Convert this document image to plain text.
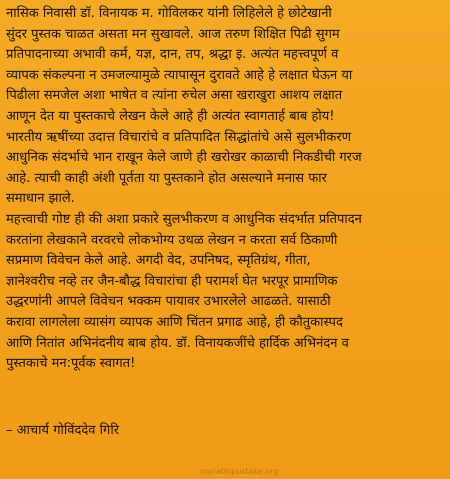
नासिक निवासी डॉ. विनायक म. गोविलकर यांनी लिहिलेले हे छोटेखानी
सुंदर पुस्तक चाळत असता मन सुखावले. आज तरुण शिक्षित पिढी सुगम
प्रतिपादनाच्या अभावी कर्म, यज्ञ, दान, तप, श्रद्धा इ. अत्यंत महत्त्वपूर्ण व
व्यापक संकल्पना न उमजल्यामुळे त्यापासून दुरावते आहे हे लक्षात घेऊन या
पिढीला समजेल अशा भाषेत व त्यांना रुचेल असा खराखुरा आशय लक्षात
आणून देत या पुस्तकाचे लेखन केले आहे ही अत्यंत स्वागतार्ह बाब होय!
भारतीय ऋषींच्या उदात्त विचारांचे व प्रतिपादित सिद्धांतांचे असे सुलभीकरण
आधुनिक संदर्भाचे भान राखून केले जाणे ही खरोखर काळाची निकडीची गरज
आहे. त्याची काही अंशी पूर्तता या पुस्तकाने होत असल्याने मनास फार
समाधान झाले.
महत्त्वाची गोष्ट ही की अशा प्रकारे सुलभीकरण व आधुनिक संदर्भात प्रतिपादन
करतांना लेखकाने वरवरचे लोकभोग्य उथळ लेखन न करता सर्व ठिकाणी
सप्रमाण विवेचन केले आहे. अगदी वेद, उपनिषद, स्मृतिग्रंथ, गीता,
ज्ञानेश्वरीच नव्हे तर जैन-बौद्ध विचारांचा ही परामर्श घेत भरपूर प्रामाणिक
उद्धरणांनी आपले विवेचन भक्कम पायावर उभारलेले आढळते. यासाठी
करावा लागलेला व्यासंग व्यापक आणि चिंतन प्रगाढ आहे, ही कौतुकास्पद
आणि नितांत अभिनंदनीय बाब होय. डॉ. विनायकजींचे हार्दिक अभिनंदन व
पुस्तकाचे मन:पूर्वक स्वागत!
– आचार्य गोविंददेव गिरि
marathipustake.org
